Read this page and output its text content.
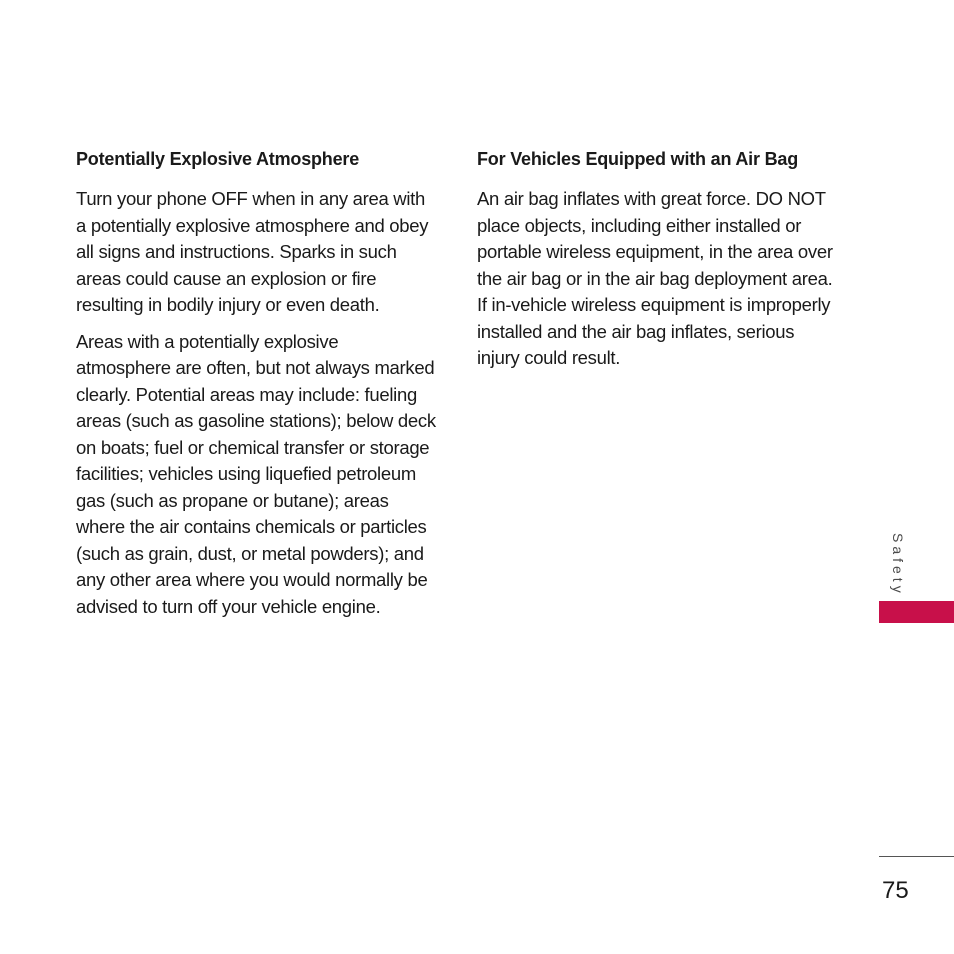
Potentially Explosive Atmosphere

Turn your phone OFF when in any area with a potentially explosive atmosphere and obey all signs and instructions. Sparks in such areas could cause an explosion or fire resulting in bodily injury or even death.

Areas with a potentially explosive atmosphere are often, but not always marked clearly. Potential areas may include: fueling areas (such as gasoline stations); below deck on boats; fuel or chemical transfer or storage facilities; vehicles using liquefied petroleum gas (such as propane or butane); areas where the air contains chemicals or particles (such as grain, dust, or metal powders); and any other area where you would normally be advised to turn off your vehicle engine.

For Vehicles Equipped with an Air Bag

An air bag inflates with great force. DO NOT place objects, including either installed or portable wireless equipment, in the area over the air bag or in the air bag deployment area. If in-vehicle wireless equipment is improperly installed and the air bag inflates, serious injury could result.

Safety
75
